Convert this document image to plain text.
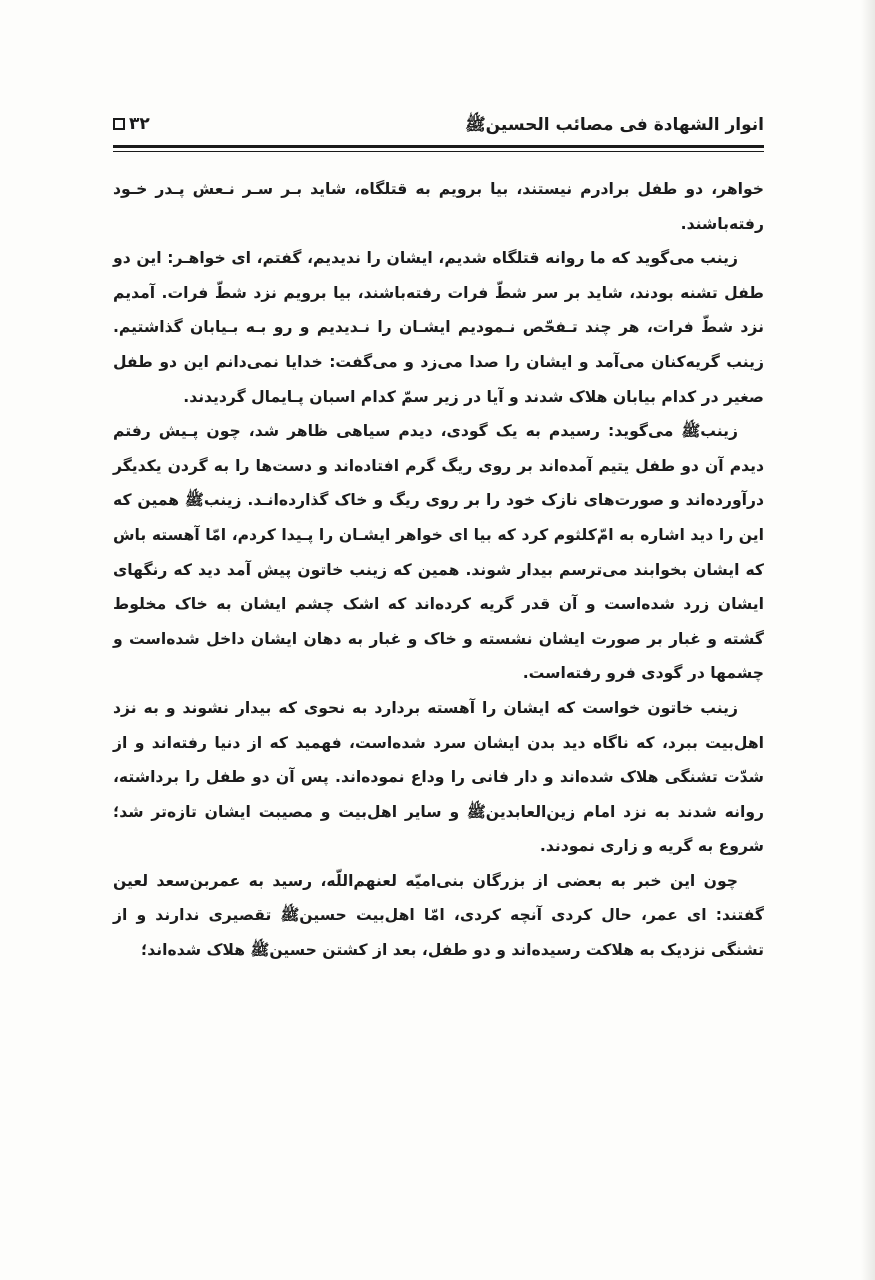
انوار الشهادة فی مصائب الحسینﷺ
۳۲

خواهر، دو طفل برادرم نیستند، بیا برویم به قتلگاه، شاید بـر سـر نـعش پـدر خـود رفته‌باشند.

زینب می‌گوید که ما روانه قتلگاه شدیم، ایشان را ندیدیم، گفتم، ای خواهـر: این دو طفل تشنه بودند، شاید بر سر شطّ فرات رفته‌باشند، بیا برویم نزد شطّ فرات. آمدیم نزد شطّ فرات، هر چند تـفحّص نـمودیم ایشـان را نـدیدیم و رو بـه بـیابان گذاشتیم. زینب گریه‌کنان می‌آمد و ایشان را صدا می‌زد و می‌گفت: خدایا نمی‌دانم این دو طفل صغیر در کدام بیابان هلاک شدند و آیا در زیر سمّ کدام اسبان پـایمال گردیدند.

زینبﷺ می‌گوید: رسیدم به یک گودی، دیدم سیاهی ظاهر شد، چون پـیش رفتم دیدم آن دو طفل یتیم آمده‌اند بر روی ریگ گرم افتاده‌اند و دست‌ها را به گردن یکدیگر درآورده‌اند و صورت‌های نازک خود را بر روی ریگ و خاک گذارده‌انـد. زینبﷺ همین که این را دید اشاره به امّ‌کلثوم کرد که بیا ای خواهر ایشـان را پـیدا کردم، امّا آهسته باش که ایشان بخوابند می‌ترسم بیدار شوند. همین که زینب خاتون پیش آمد دید که رنگهای ایشان زرد شده‌است و آن قدر گریه کرده‌اند که اشک چشم ایشان به خاک مخلوط گشته و غبار بر صورت ایشان نشسته و خاک و غبار به دهان ایشان داخل شده‌است و چشمها در گودی فرو رفته‌است.

زینب خاتون خواست که ایشان را آهسته بردارد به نحوی که بیدار نشوند و به نزد اهل‌بیت ببرد، که ناگاه دید بدن ایشان سرد شده‌است، فهمید که از دنیا رفته‌اند و از شدّت تشنگی هلاک شده‌اند و دار فانی را وداع نموده‌اند. پس آن دو طفل را برداشته، روانه شدند به نزد امام زین‌العابدینﷺ و سایر اهل‌بیت و مصیبت ایشان تازه‌تر شد؛ شروع به گریه و زاری نمودند.

چون این خبر به بعضی از بزرگان بنی‌امیّه لعنهم‌اللّه، رسید به عمربن‌سعد لعین گفتند: ای عمر، حال کردی آنچه کردی، امّا اهل‌بیت حسینﷺ تقصیری ندارند و از تشنگی نزدیک به هلاکت رسیده‌اند و دو طفل، بعد از کشتن حسینﷺ هلاک شده‌اند؛
